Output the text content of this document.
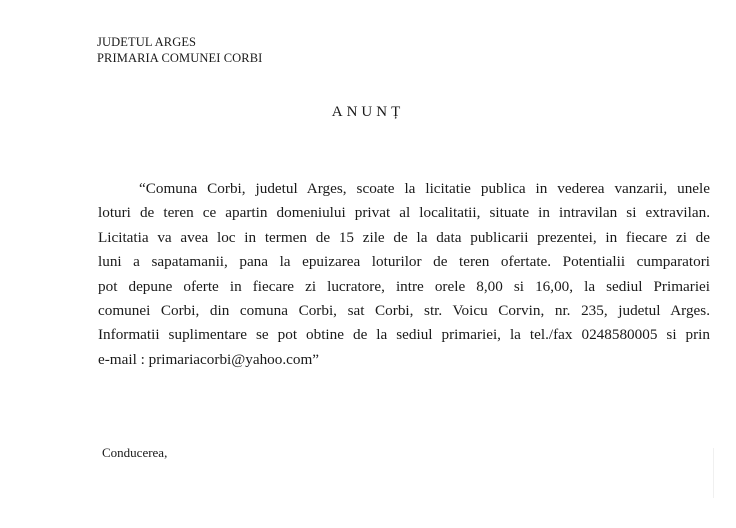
JUDETUL ARGES
PRIMARIA COMUNEI CORBI
ANUNȚ
“Comuna Corbi, judetul Arges, scoate la licitatie publica in vederea vanzarii, unele
loturi de teren ce apartin domeniului privat al localitatii, situate in intravilan si extravilan.
Licitatia va avea loc in termen de 15 zile de la data publicarii prezentei, in fiecare zi de
luni a sapatamanii, pana la epuizarea loturilor de teren ofertate. Potentialii cumparatori
pot depune oferte in fiecare zi lucratore, intre orele 8,00 si 16,00, la sediul Primariei
comunei Corbi, din comuna Corbi, sat Corbi, str. Voicu Corvin, nr. 235, judetul Arges.
Informatii suplimentare se pot obtine de la sediul primariei, la tel./fax 0248580005 si prin
e-mail : primariacorbi@yahoo.com”
Conducerea,
